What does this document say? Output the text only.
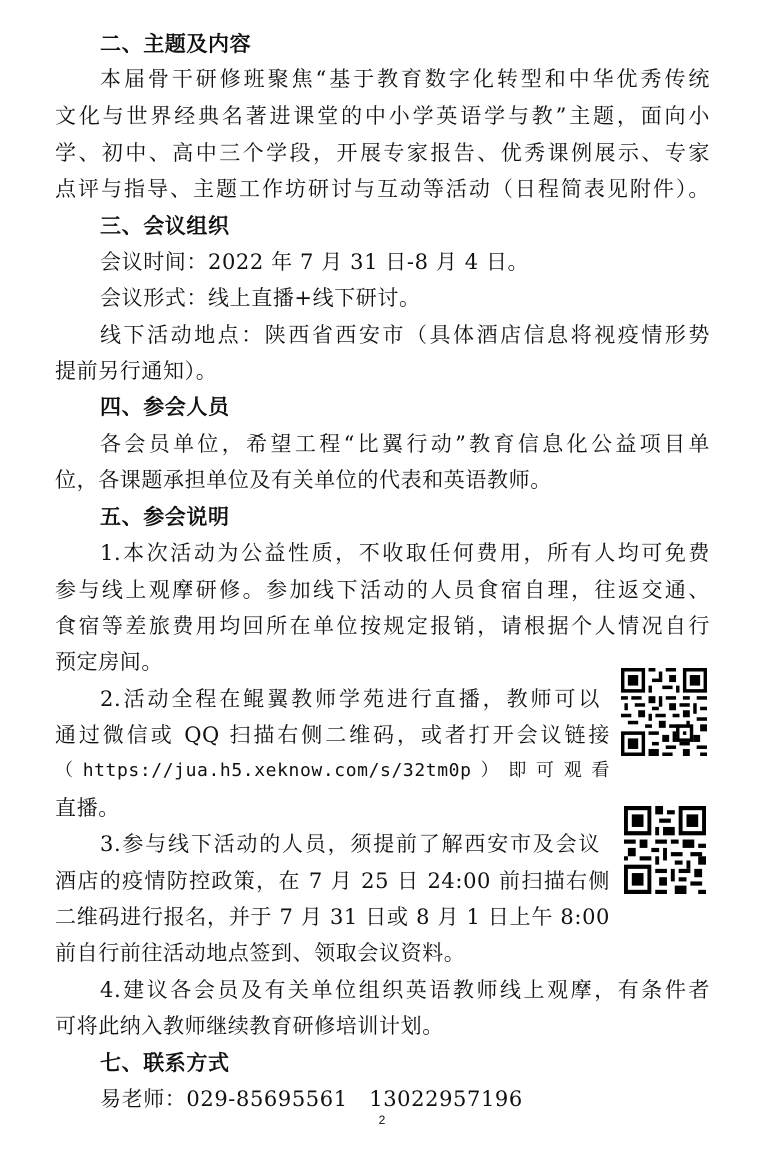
二、主题及内容
本届骨干研修班聚焦“基于教育数字化转型和中华优秀传统
文化与世界经典名著进课堂的中小学英语学与教”主题，面向小
学、初中、高中三个学段，开展专家报告、优秀课例展示、专家
点评与指导、主题工作坊研讨与互动等活动（日程简表见附件）。
三、会议组织
会议时间：2022 年 7 月 31 日-8 月 4 日。
会议形式：线上直播+线下研讨。
线下活动地点：陕西省西安市（具体酒店信息将视疫情形势
提前另行通知）。
四、参会人员
各会员单位，希望工程“比翼行动”教育信息化公益项目单
位，各课题承担单位及有关单位的代表和英语教师。
五、参会说明
1.本次活动为公益性质，不收取任何费用，所有人均可免费
参与线上观摩研修。参加线下活动的人员食宿自理，往返交通、
食宿等差旅费用均回所在单位按规定报销，请根据个人情况自行
预定房间。
2.活动全程在鲲翼教师学苑进行直播，教师可以
通过微信或 QQ 扫描右侧二维码，或者打开会议链接
（https://jua.h5.xeknow.com/s/32tm0p）即可观看
直播。
3.参与线下活动的人员，须提前了解西安市及会议
酒店的疫情防控政策，在 7 月 25 日 24:00 前扫描右侧
二维码进行报名，并于 7 月 31 日或 8 月 1 日上午 8:00
前自行前往活动地点签到、领取会议资料。
4.建议各会员及有关单位组织英语教师线上观摩，有条件者
可将此纳入教师继续教育研修培训计划。
七、联系方式
易老师：029-85695561　13022957196
2
